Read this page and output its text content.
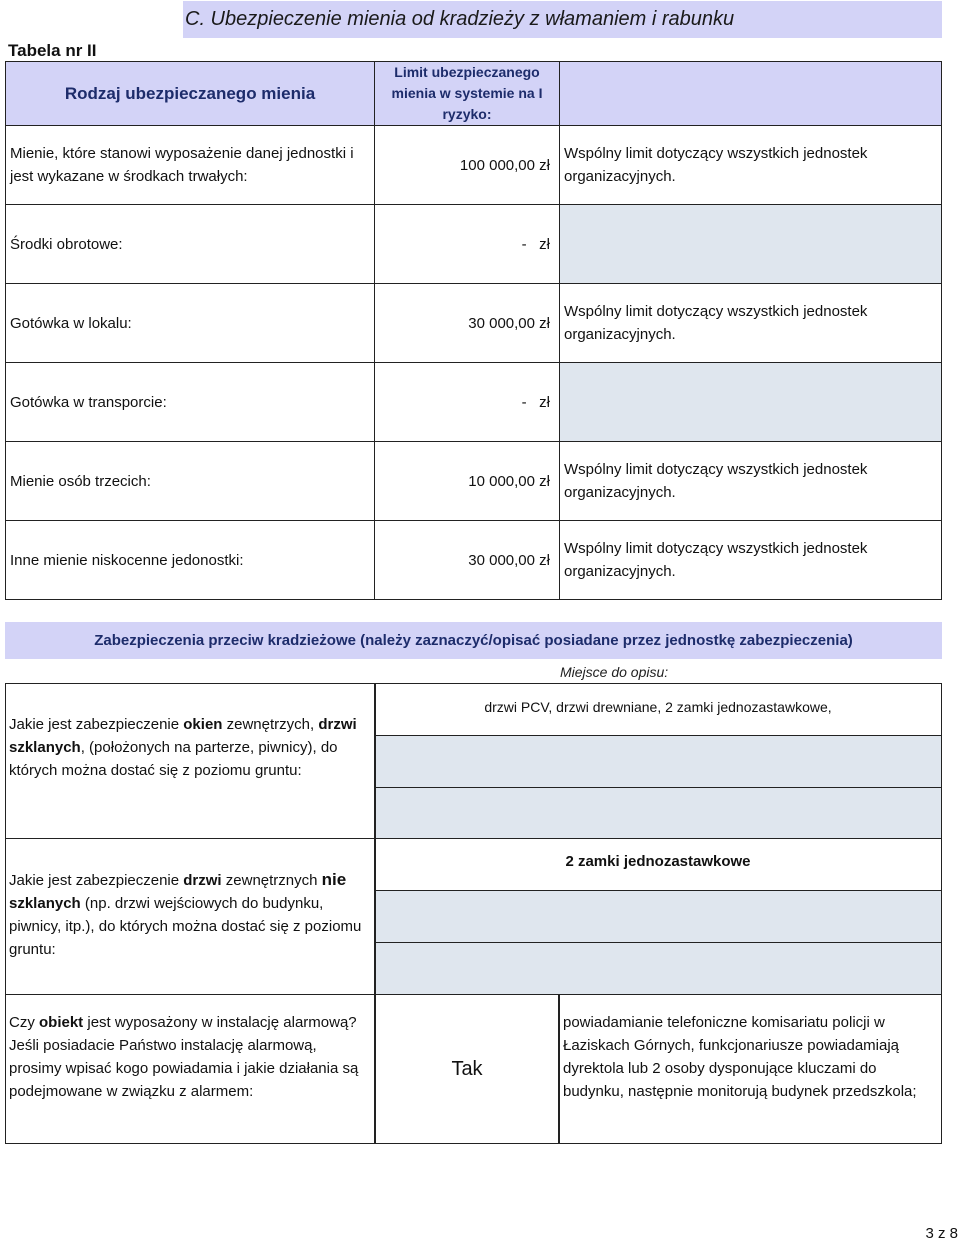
C. Ubezpieczenie mienia od kradzieży z włamaniem i rabunku
Tabela nr II
Rodzaj ubezpieczanego mienia
Limit ubezpieczanego mienia w systemie na I ryzyko:
Mienie, które stanowi wyposażenie danej jednostki i jest wykazane w środkach trwałych:
100 000,00 zł
Wspólny limit dotyczący wszystkich jednostek organizacyjnych.
Środki obrotowe:	-   zł
Gotówka w lokalu:	30 000,00 zł
Wspólny limit dotyczący wszystkich jednostek organizacyjnych.
Gotówka w transporcie:	-   zł
Mienie osób trzecich:	10 000,00 zł
Wspólny limit dotyczący wszystkich jednostek organizacyjnych.
Inne mienie niskocenne jedonostki:	30 000,00 zł
Wspólny limit dotyczący wszystkich jednostek organizacyjnych.
Zabezpieczenia przeciw kradzieżowe (należy zaznaczyć/opisać posiadane przez jednostkę zabezpieczenia)
Miejsce do opisu:
Jakie jest zabezpieczenie okien zewnętrzych, drzwi szklanych, (położonych na parterze, piwnicy), do których można dostać się z poziomu gruntu:
drzwi PCV, drzwi drewniane, 2 zamki jednozastawkowe,
Jakie jest zabezpieczenie drzwi zewnętrznych nie szklanych (np. drzwi wejściowych do budynku, piwnicy, itp.), do których można dostać się z poziomu gruntu:
2 zamki jednozastawkowe
Czy obiekt jest wyposażony w instalację alarmową? Jeśli posiadacie Państwo instalację alarmową, prosimy wpisać kogo powiadamia i jakie działania są podejmowane w związku z alarmem:
Tak
powiadamianie telefoniczne komisariatu policji w Łaziskach Górnych, funkcjonariusze powiadamiają dyrektola lub 2 osoby dysponujące kluczami do budynku, następnie monitorują budynek przedszkola;
3 z 8
